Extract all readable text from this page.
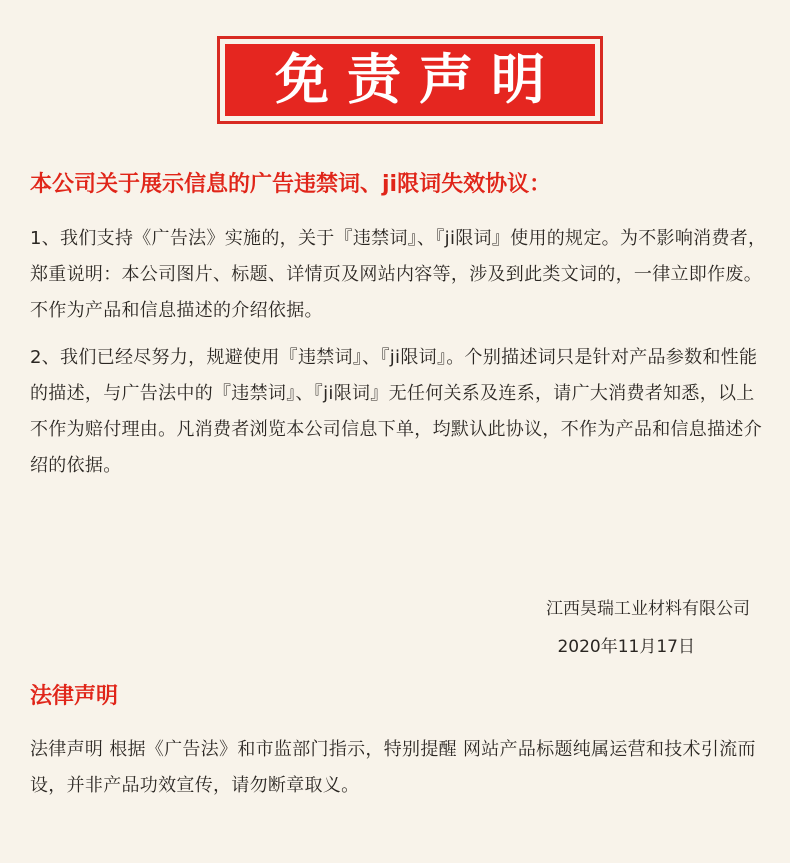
免责声明
本公司关于展示信息的广告违禁词、ji限词失效协议：

1、我们支持《广告法》实施的，关于『违禁词』、『ji限词』使用的规定。为不影响消费者，郑重说明：本公司图片、标题、详情页及网站内容等，涉及到此类文词的，一律立即作废。不作为产品和信息描述的介绍依据。

2、我们已经尽努力，规避使用『违禁词』、『ji限词』。个别描述词只是针对产品参数和性能的描述，与广告法中的『违禁词』、『ji限词』无任何关系及连系，请广大消费者知悉，以上不作为赔付理由。凡消费者浏览本公司信息下单，均默认此协议，不作为产品和信息描述介绍的依据。

江西昊瑞工业材料有限公司

2020年11月17日

法律声明

法律声明 根据《广告法》和市监部门指示，特别提醒 网站产品标题纯属运营和技术引流而设，并非产品功效宣传，请勿断章取义。
